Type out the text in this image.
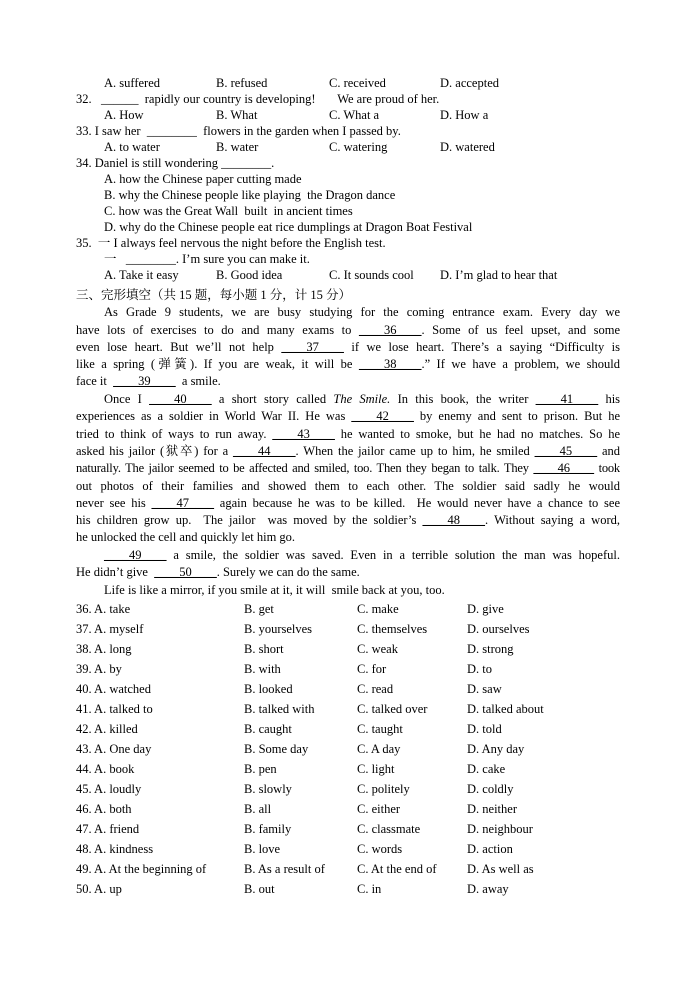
A. suffered	B. refused	C. received	D. accepted
32. ______ rapidly our country is developing!       We are proud of her.
A. How	B. What	C. What a	D. How a
33. I saw her ________ flowers in the garden when I passed by.
A. to water	B. water	C. watering	D. watered
34. Daniel is still wondering ________.
A. how the Chinese paper cutting made
B. why the Chinese people like playing  the Dragon dance
C. how was the Great Wall  built  in ancient times
D. why do the Chinese people eat rice dumplings at Dragon Boat Festival
35.  一 I always feel nervous the night before the English test.
一 ________. I’m sure you can make it.
A. Take it easy	B. Good idea	C. It sounds cool D. I’m glad to hear that
三、完形填空（共 15 题，每小题 1 分，计 15 分）
As Grade 9 students, we are busy studying for the coming entrance exam. Every day we
have lots of exercises to do and many exams to ____36____. Some of us feel upset, and some
even lose heart. But we’ll not help ____37____ if we lose heart. There’s a saying “Difficulty is
like a spring (弹簧). If you are weak, it will be ____38____.” If we have a problem, we should
face it ____39____ a smile.
Once I ____40____ a short story called The Smile. In this book, the writer ____41____ his
experiences as a soldier in World War II. He was ____42____ by enemy and sent to prison. But he
tried to think of ways to run away. ____43____ he wanted to smoke, but he had no matches. So he
asked his jailor (狱卒) for a ____44____. When the jailor came up to him, he smiled ____45____ and
naturally. The jailor seemed to be affected and smiled, too. Then they began to talk. They ____46____ took
out photos of their families and showed them to each other. The soldier said sadly he would
never see his ____47____ again because he was to be killed.  He would never have a chance to see
his children grow up.  The jailor  was moved by the soldier’s ____48____. Without saying a word,
he unlocked the cell and quickly let him go.
____49____ a smile, the soldier was saved. Even in a terrible solution the man was hopeful.
He didn’t give ____50____. Surely we can do the same.
Life is like a mirror, if you smile at it, it will  smile back at you, too.
36. A. take	B. get	C. make	D. give
37. A. myself	B. yourselves	C. themselves	D. ourselves
38. A. long	B. short	C. weak	D. strong
39. A. by	B. with	C. for	D. to
40. A. watched	B. looked	C. read	D. saw
41. A. talked to	B. talked with	C. talked over	D. talked about
42. A. killed	B. caught	C. taught	D. told
43. A. One day	B. Some day	C. A day	D. Any day
44. A. book	B. pen	C. light	D. cake
45. A. loudly	B. slowly	C. politely	D. coldly
46. A. both	B. all	C. either	D. neither
47. A. friend	B. family	C. classmate	D. neighbour
48. A. kindness	B. love	C. words	D. action
49. A. At the beginning of	B. As a result of	C. At the end of D. As well as
50. A. up	B. out	C. in	D. away
